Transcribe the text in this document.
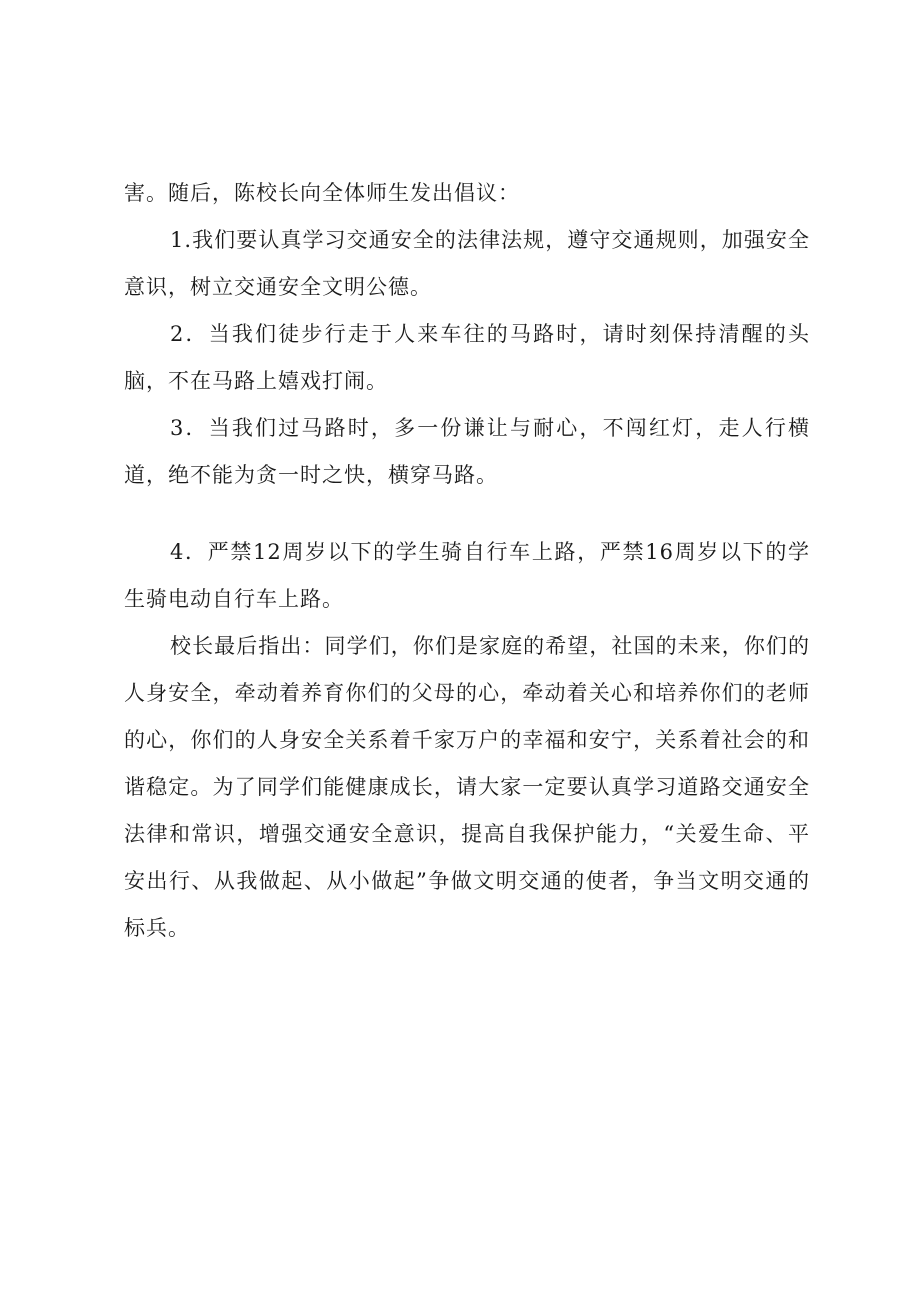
害。随后，陈校长向全体师生发出倡议：

1.我们要认真学习交通安全的法律法规，遵守交通规则，加强安全意识，树立交通安全文明公德。

2．当我们徒步行走于人来车往的马路时，请时刻保持清醒的头脑，不在马路上嬉戏打闹。

3．当我们过马路时，多一份谦让与耐心，不闯红灯，走人行横道，绝不能为贪一时之快，横穿马路。

4．严禁12周岁以下的学生骑自行车上路，严禁16周岁以下的学生骑电动自行车上路。

校长最后指出：同学们，你们是家庭的希望，社国的未来，你们的人身安全，牵动着养育你们的父母的心，牵动着关心和培养你们的老师的心，你们的人身安全关系着千家万户的幸福和安宁，关系着社会的和谐稳定。为了同学们能健康成长，请大家一定要认真学习道路交通安全法律和常识，增强交通安全意识，提高自我保护能力，“关爱生命、平安出行、从我做起、从小做起”争做文明交通的使者，争当文明交通的标兵。
